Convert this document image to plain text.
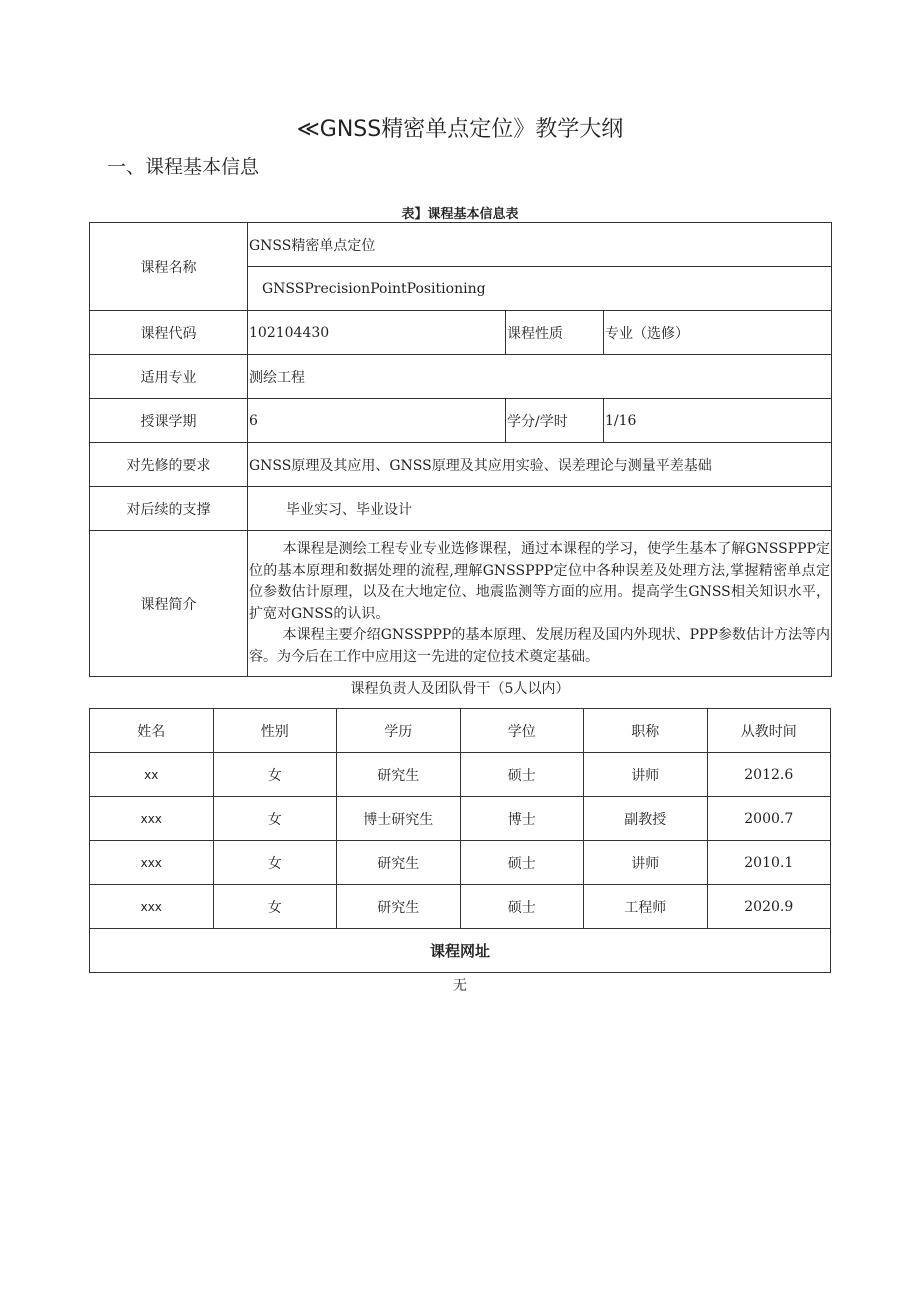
≪GNSS精密单点定位》教学大纲
一、课程基本信息
表】课程基本信息表
课程名称	GNSS精密单点定位		
	GNSSPrecisionPointPositioning		
课程代码	102104430	课程性质	专业（选修）
适用专业	测绘工程		
授课学期	6	学分/学时	1/16
对先修的要求	GNSS原理及其应用、GNSS原理及其应用实验、误差理论与测量平差基础		
对后续的支撑	毕业实习、毕业设计		
课程简介	本课程是测绘工程专业专业选修课程，通过本课程的学习，使学生基本了解GNSSPPP定位的基本原理和数据处理的流程,理解GNSSPPP定位中各种误差及处理方法,掌握精密单点定位参数估计原理，以及在大地定位、地震监测等方面的应用。提高学生GNSS相关知识水平，扩宽对GNSS的认识。

本课程主要介绍GNSSPPP的基本原理、发展历程及国内外现状、PPP参数估计方法等内容。为今后在工作中应用这一先进的定位技术奠定基础。		

课程负责人及团队骨干（5人以内）
姓名	性别	学历	学位	职称	从教时间
xx	女	研究生	硕士	讲师	2012.6
xxx	女	博士研究生	博士	副教授	2000.7
xxx	女	研究生	硕士	讲师	2010.1
xxx	女	研究生	硕士	工程师	2020.9
课程网址					
无
